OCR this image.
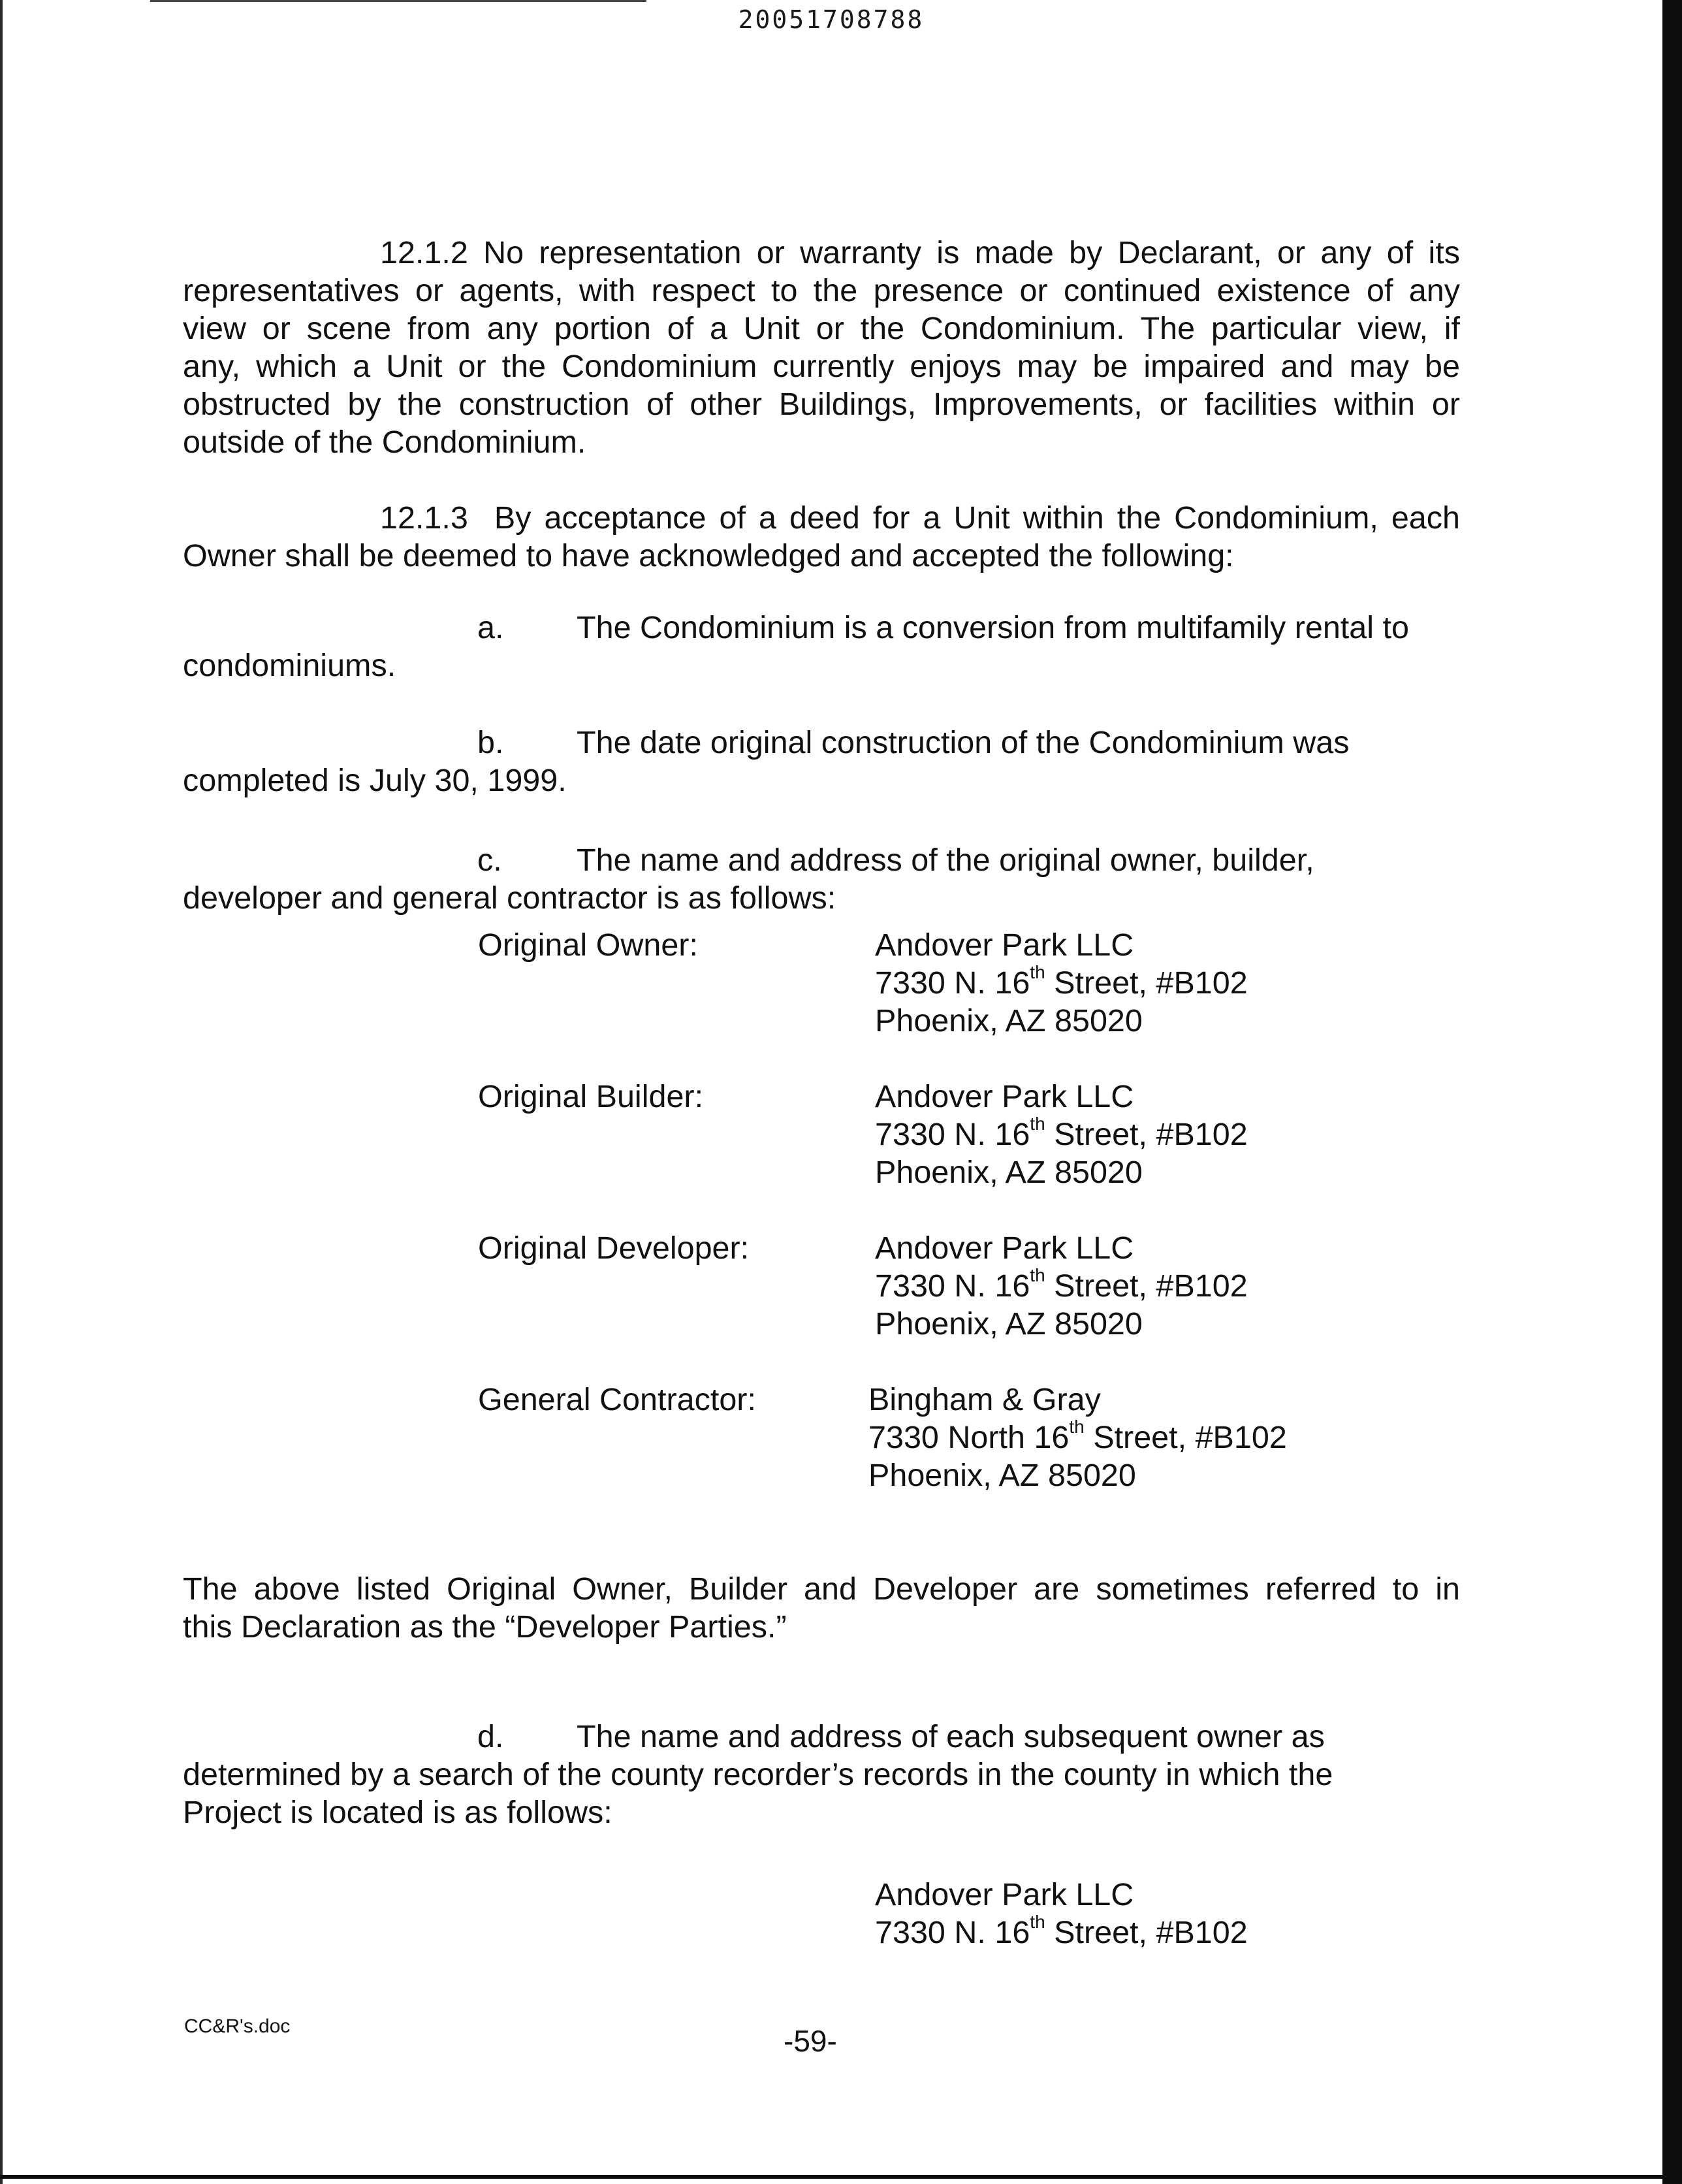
20051708788
12.1.2 No representation or warranty is made by Declarant, or any of its
representatives or agents, with respect to the presence or continued existence of any
view or scene from any portion of a Unit or the Condominium. The particular view, if
any, which a Unit or the Condominium currently enjoys may be impaired and may be
obstructed by the construction of other Buildings, Improvements, or facilities within or
outside of the Condominium.
12.1.3 By acceptance of a deed for a Unit within the Condominium, each
Owner shall be deemed to have acknowledged and accepted the following:
a. The Condominium is a conversion from multifamily rental to
condominiums.
b. The date original construction of the Condominium was
completed is July 30, 1999.
c. The name and address of the original owner, builder,
developer and general contractor is as follows:
Original Owner:	Andover Park LLC
7330 N. 16th Street, #B102
Phoenix, AZ 85020
Original Builder:	Andover Park LLC
7330 N. 16th Street, #B102
Phoenix, AZ 85020
Original Developer:	Andover Park LLC
7330 N. 16th Street, #B102
Phoenix, AZ 85020
General Contractor:	Bingham & Gray
7330 North 16th Street, #B102
Phoenix, AZ 85020
The above listed Original Owner, Builder and Developer are sometimes referred to in
this Declaration as the “Developer Parties.”
d. The name and address of each subsequent owner as
determined by a search of the county recorder’s records in the county in which the
Project is located is as follows:
Andover Park LLC
7330 N. 16th Street, #B102
-59-
CC&R's.doc
